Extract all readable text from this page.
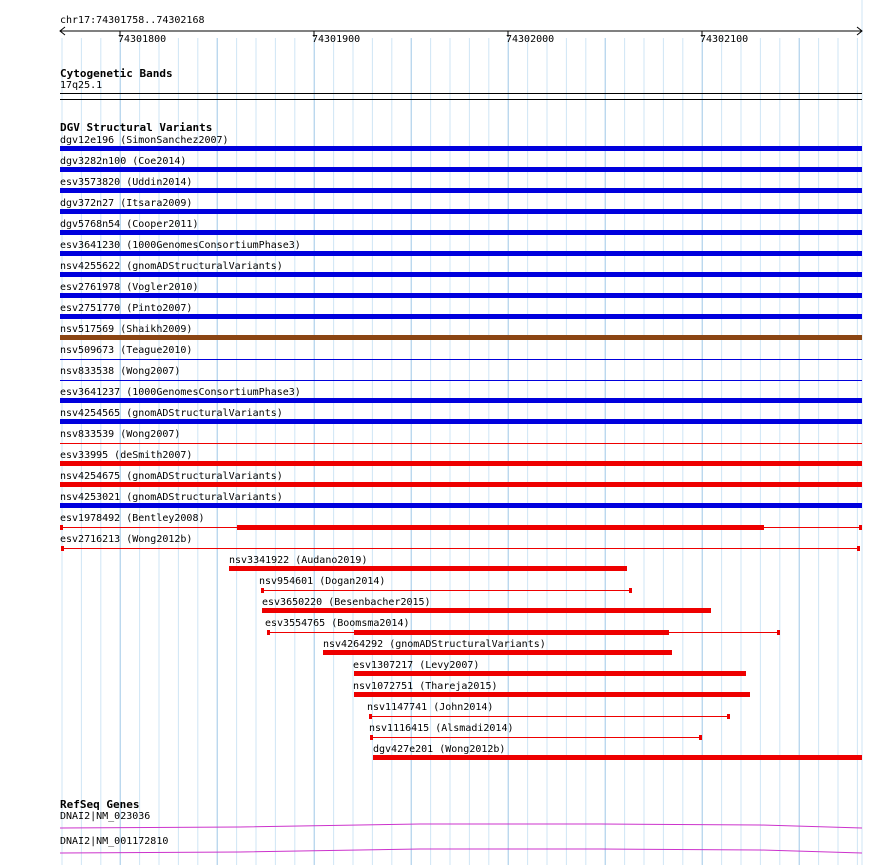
chr17:74301758..74302168
74301800	74301900	74302000	74302100
Cytogenetic Bands
17q25.1
DGV Structural Variants
dgv12e196 (SimonSanchez2007)
dgv3282n100 (Coe2014)
esv3573820 (Uddin2014)
dgv372n27 (Itsara2009)
dgv5768n54 (Cooper2011)
esv3641230 (1000GenomesConsortiumPhase3)
nsv4255622 (gnomADStructuralVariants)
esv2761978 (Vogler2010)
esv2751770 (Pinto2007)
nsv517569 (Shaikh2009)
nsv509673 (Teague2010)
nsv833538 (Wong2007)
esv3641237 (1000GenomesConsortiumPhase3)
nsv4254565 (gnomADStructuralVariants)
nsv833539 (Wong2007)
esv33995 (deSmith2007)
nsv4254675 (gnomADStructuralVariants)
nsv4253021 (gnomADStructuralVariants)
esv1978492 (Bentley2008)
esv2716213 (Wong2012b)
nsv3341922 (Audano2019)
nsv954601 (Dogan2014)
esv3650220 (Besenbacher2015)
esv3554765 (Boomsma2014)
nsv4264292 (gnomADStructuralVariants)
esv1307217 (Levy2007)
nsv1072751 (Thareja2015)
nsv1147741 (John2014)
nsv1116415 (Alsmadi2014)
dgv427e201 (Wong2012b)
RefSeq Genes
DNAI2|NM_023036
DNAI2|NM_001172810
